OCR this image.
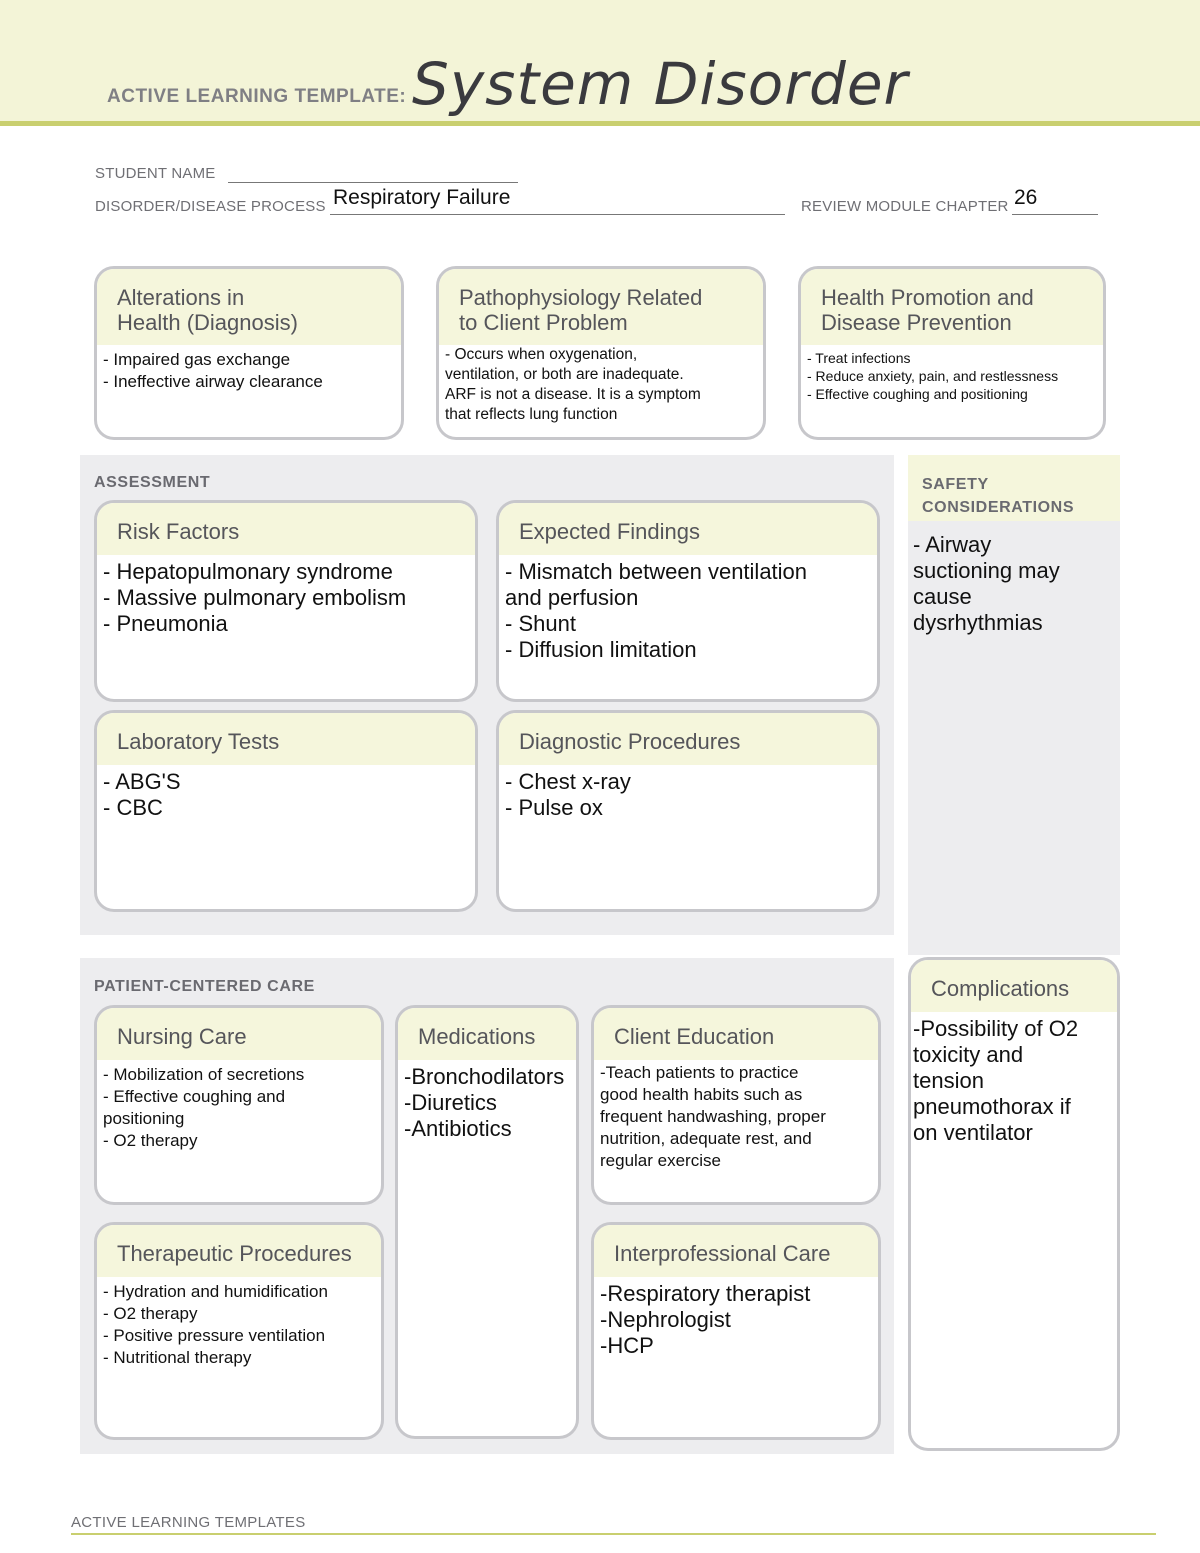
ACTIVE LEARNING TEMPLATE: System Disorder
STUDENT NAME
DISORDER/DISEASE PROCESS Respiratory Failure	REVIEW MODULE CHAPTER 26
Alterations in
Health (Diagnosis)
- Impaired gas exchange
- Ineffective airway clearance
Pathophysiology Related
to Client Problem
- Occurs when oxygenation,
ventilation, or both are inadequate.
ARF is not a disease. It is a symptom
that reflects lung function
Health Promotion and
Disease Prevention
- Treat infections
- Reduce anxiety, pain, and restlessness
- Effective coughing and positioning
ASSESSMENT
Risk Factors
- Hepatopulmonary syndrome
- Massive pulmonary embolism
- Pneumonia
Expected Findings
- Mismatch between ventilation
and perfusion
- Shunt
- Diffusion limitation
Laboratory Tests
- ABG'S
- CBC
Diagnostic Procedures
- Chest x-ray
- Pulse ox
SAFETY
CONSIDERATIONS
- Airway
suctioning may
cause
dysrhythmias
PATIENT-CENTERED CARE
Nursing Care
- Mobilization of secretions
- Effective coughing and
positioning
- O2 therapy
Medications
-Bronchodilators
-Diuretics
-Antibiotics
Client Education
-Teach patients to practice
good health habits such as
frequent handwashing, proper
nutrition, adequate rest, and
regular exercise
Therapeutic Procedures
- Hydration and humidification
- O2 therapy
- Positive pressure ventilation
- Nutritional therapy
Interprofessional Care
-Respiratory therapist
-Nephrologist
-HCP
Complications
-Possibility of O2
toxicity and
tension
pneumothorax if
on ventilator
ACTIVE LEARNING TEMPLATES
